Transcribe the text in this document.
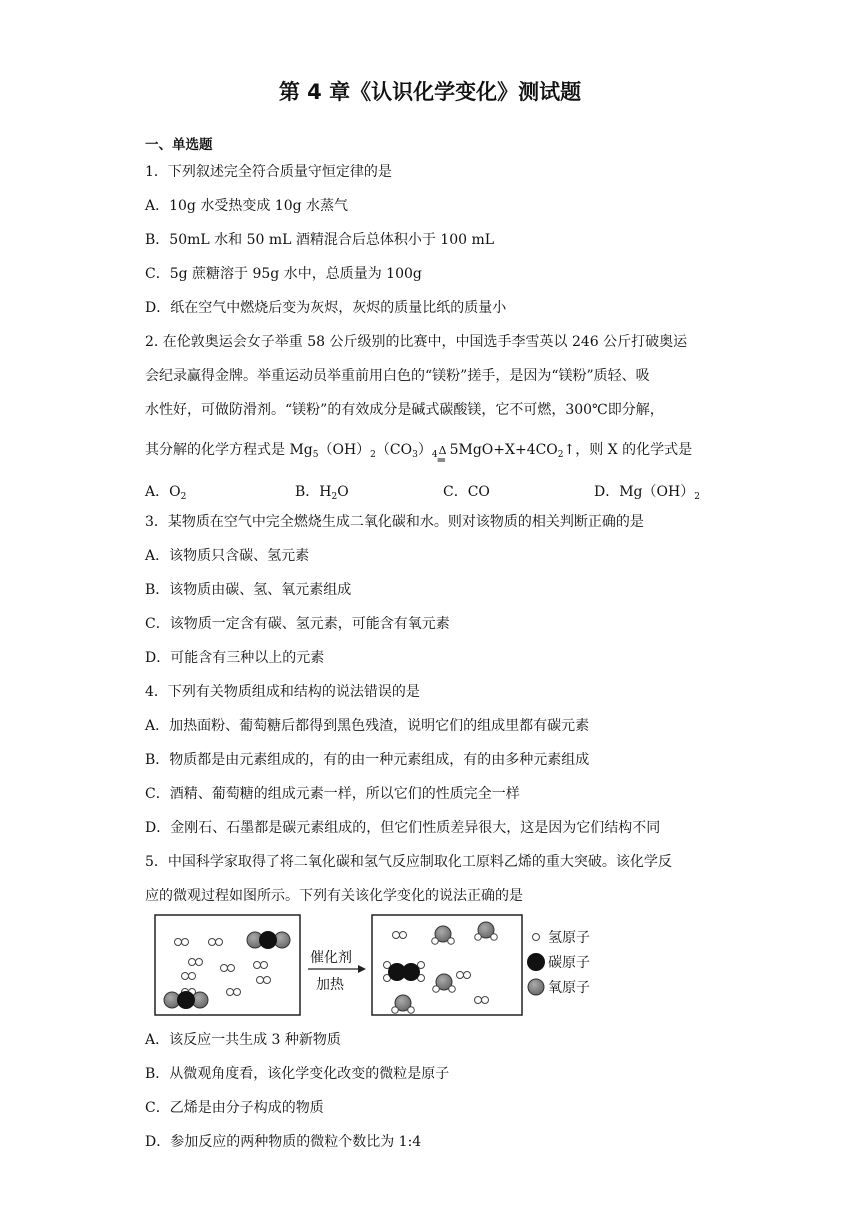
第 4 章《认识化学变化》测试题
一、单选题
1．下列叙述完全符合质量守恒定律的是
A．10g 水受热变成 10g 水蒸气
B．50mL 水和 50 mL 酒精混合后总体积小于 100 mL
C．5g 蔗糖溶于 95g 水中，总质量为 100g
D．纸在空气中燃烧后变为灰烬，灰烬的质量比纸的质量小
2. 在伦敦奥运会女子举重 58 公斤级别的比赛中，中国选手李雪英以 246 公斤打破奥运
会纪录赢得金牌。举重运动员举重前用白色的“镁粉”搓手，是因为“镁粉”质轻、吸
水性好，可做防滑剂。“镁粉”的有效成分是碱式碳酸镁，它不可燃，300℃即分解，
其分解的化学方程式是 $Mg_5(OH)_2(CO_3)_4$ Δ
═
$5MgO+X+4CO_2↑$，则 X 的化学式是
A．$O_2$	B．$H_2O$	C．CO	D．$Mg(OH)_2$
3．某物质在空气中完全燃烧生成二氧化碳和水。则对该物质的相关判断正确的是
A．该物质只含碳、氢元素
B．该物质由碳、氢、氧元素组成
C．该物质一定含有碳、氢元素，可能含有氧元素
D．可能含有三种以上的元素
4．下列有关物质组成和结构的说法错误的是
A．加热面粉、葡萄糖后都得到黑色残渣，说明它们的组成里都有碳元素
B．物质都是由元素组成的，有的由一种元素组成，有的由多种元素组成
C．酒精、葡萄糖的组成元素一样，所以它们的性质完全一样
D．金刚石、石墨都是碳元素组成的，但它们性质差异很大，这是因为它们结构不同
5．中国科学家取得了将二氧化碳和氢气反应制取化工原料乙烯的重大突破。该化学反
应的微观过程如图所示。下列有关该化学变化的说法正确的是
催化剂
加热
氢原子
碳原子
氧原子
A．该反应一共生成 3 种新物质
B．从微观角度看，该化学变化改变的微粒是原子
C．乙烯是由分子构成的物质
D．参加反应的两种物质的微粒个数比为 1:4
